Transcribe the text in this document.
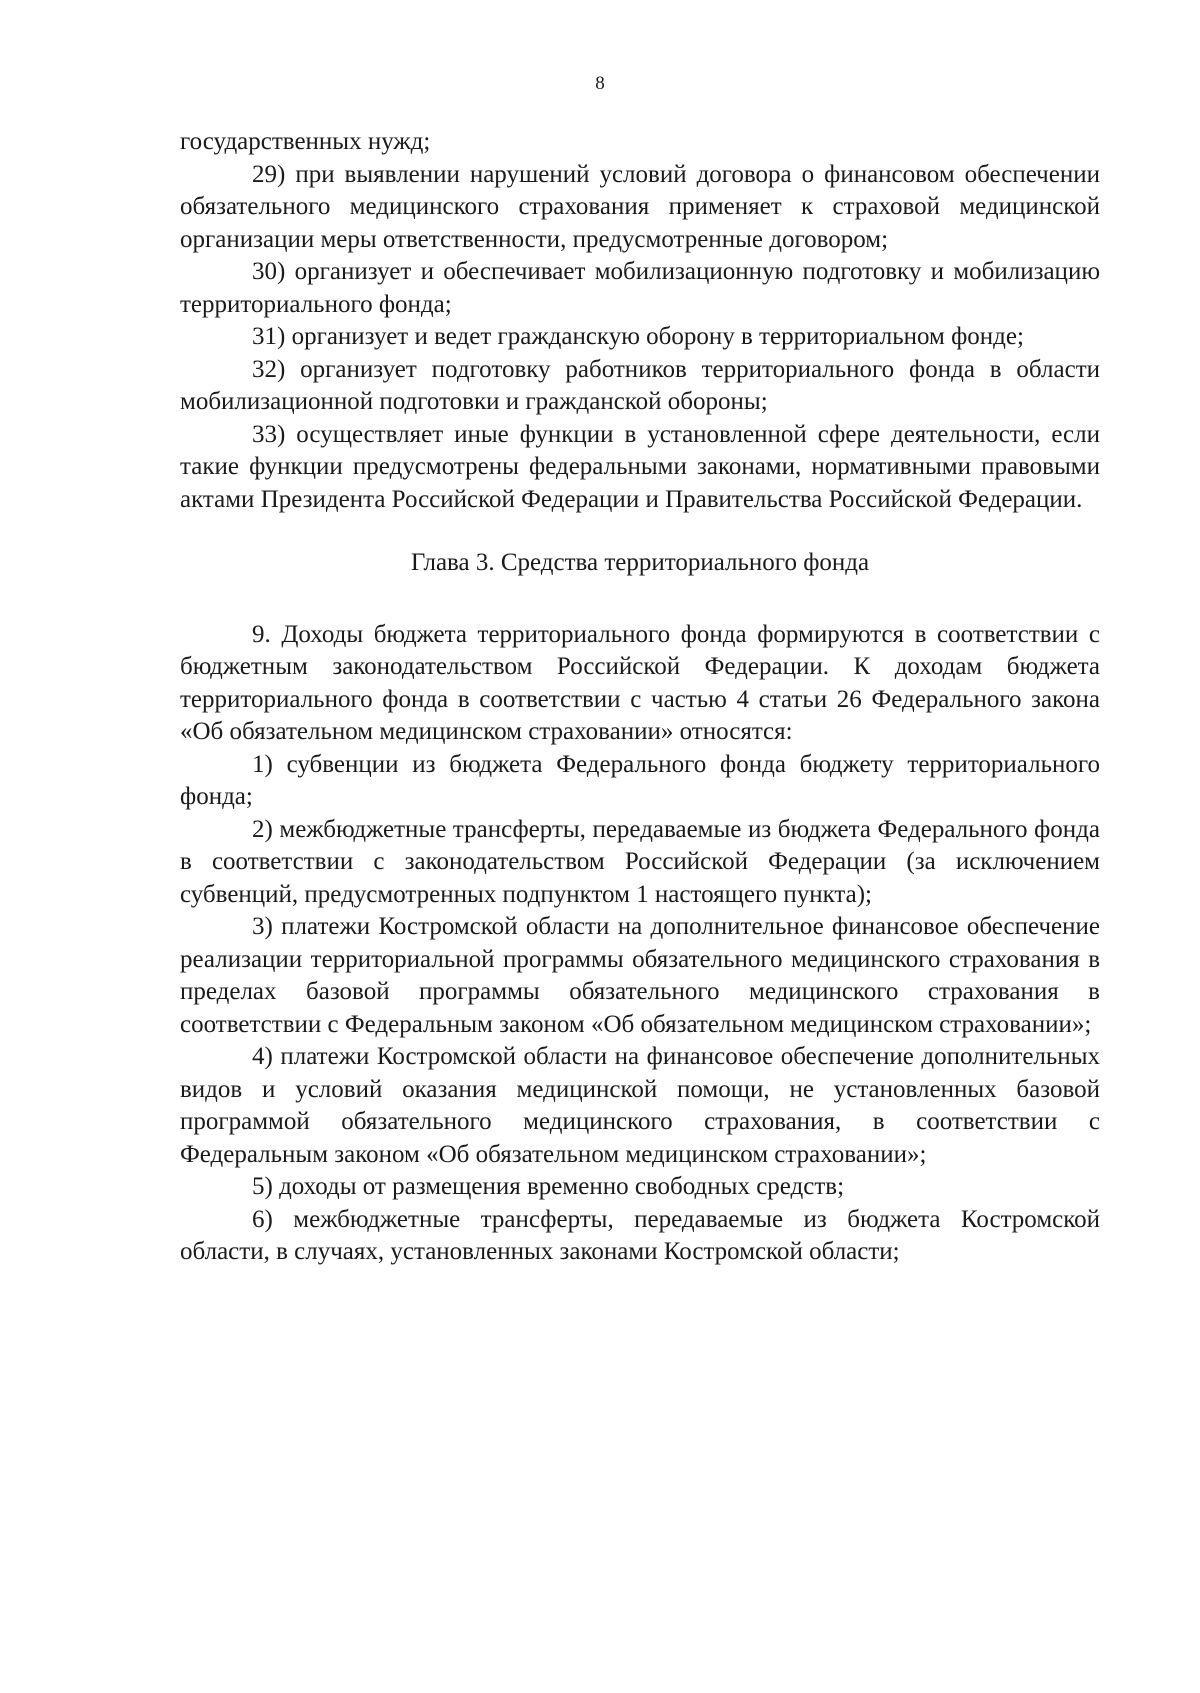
8

государственных нужд;

29) при выявлении нарушений условий договора о финансовом обеспечении обязательного медицинского страхования применяет к страховой медицинской организации меры ответственности, предусмотренные договором;

30) организует и обеспечивает мобилизационную подготовку и мобилизацию территориального фонда;

31) организует и ведет гражданскую оборону в территориальном фонде;

32) организует подготовку работников территориального фонда в области мобилизационной подготовки и гражданской обороны;

33) осуществляет иные функции в установленной сфере деятельности, если такие функции предусмотрены федеральными законами, нормативными правовыми актами Президента Российской Федерации и Правительства Российской Федерации.

Глава 3. Средства территориального фонда

9. Доходы бюджета территориального фонда формируются в соответствии с бюджетным законодательством Российской Федерации. К доходам бюджета территориального фонда в соответствии с частью 4 статьи 26 Федерального закона «Об обязательном медицинском страховании» относятся:

1) субвенции из бюджета Федерального фонда бюджету территориального фонда;

2) межбюджетные трансферты, передаваемые из бюджета Федерального фонда в соответствии с законодательством Российской Федерации (за исключением субвенций, предусмотренных подпунктом 1 настоящего пункта);

3) платежи Костромской области на дополнительное финансовое обеспечение реализации территориальной программы обязательного медицинского страхования в пределах базовой программы обязательного медицинского страхования в соответствии с Федеральным законом «Об обязательном медицинском страховании»;

4) платежи Костромской области на финансовое обеспечение дополнительных видов и условий оказания медицинской помощи, не установленных базовой программой обязательного медицинского страхования, в соответствии с Федеральным законом «Об обязательном медицинском страховании»;

5) доходы от размещения временно свободных средств;

6) межбюджетные трансферты, передаваемые из бюджета Костромской области, в случаях, установленных законами Костромской области;
